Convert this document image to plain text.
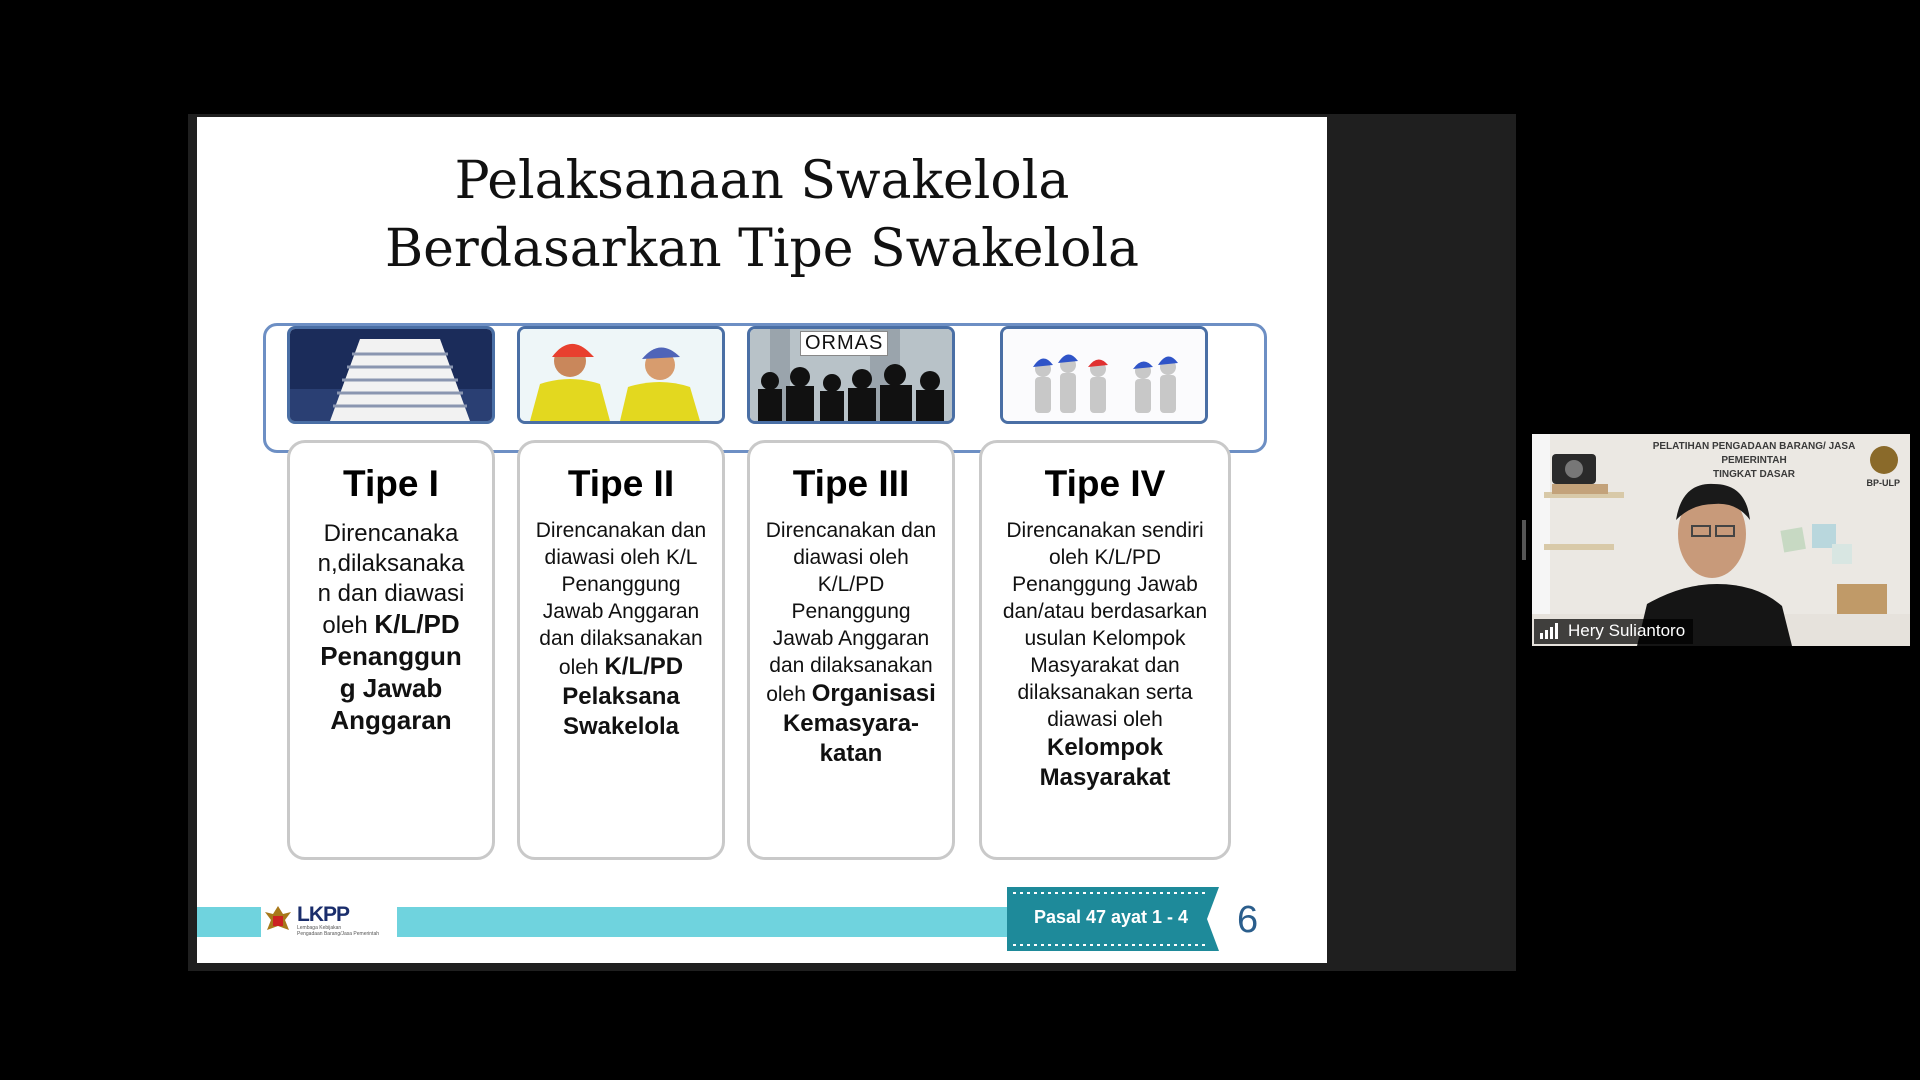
Pelaksanaan Swakelola
Berdasarkan Tipe Swakelola
ORMAS
Tipe I
Direncanaka n,dilaksanaka n dan diawasi oleh K/L/PD Penanggun g Jawab Anggaran
Tipe II
Direncanakan dan diawasi oleh K/L Penanggung Jawab Anggaran dan dilaksanakan oleh K/L/PD Pelaksana Swakelola
Tipe III
Direncanakan dan diawasi oleh K/L/PD Penanggung Jawab Anggaran dan dilaksanakan oleh Organisasi Kemasyara-katan
Tipe IV
Direncanakan sendiri oleh K/L/PD Penanggung Jawab dan/atau berdasarkan usulan Kelompok Masyarakat dan dilaksanakan serta diawasi oleh Kelompok Masyarakat
LKPP
Lembaga Kebijakan
Pengadaan Barang/Jasa Pemerintah
Pasal 47 ayat 1 - 4	6
PELATIHAN PENGADAAN BARANG/ JASA PEMERINTAH
TINGKAT DASAR
BP-ULP
Hery Suliantoro
